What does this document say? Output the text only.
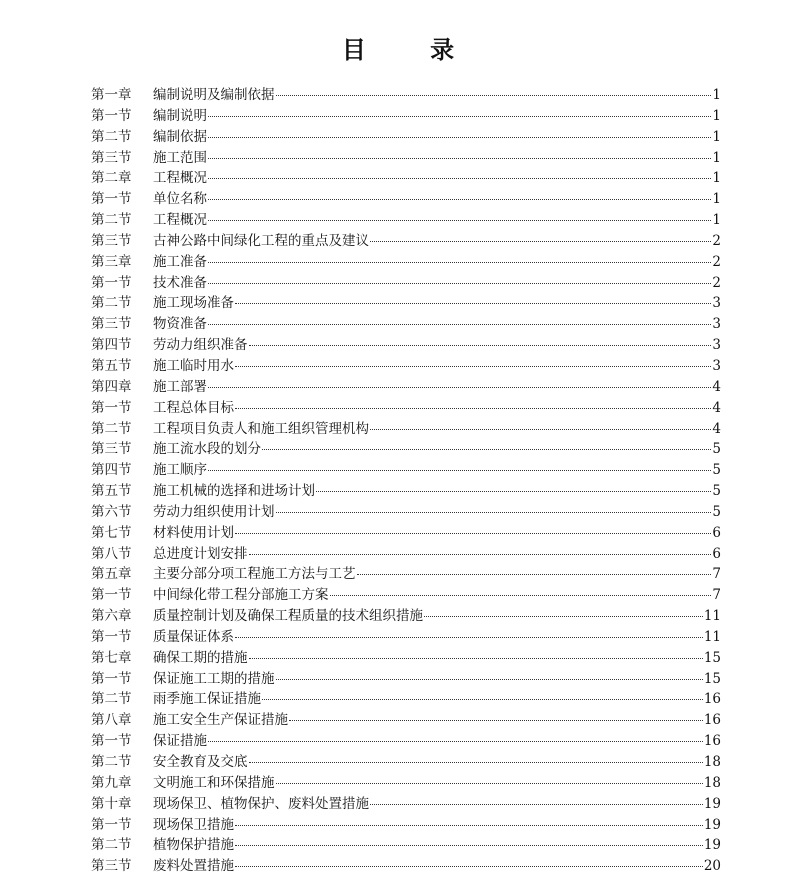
目 录
第一章	编制说明及编制依据	1
第一节	编制说明	1
第二节	编制依据	1
第三节	施工范围	1
第二章	工程概况	1
第一节	单位名称	1
第二节	工程概况	1
第三节	古神公路中间绿化工程的重点及建议	2
第三章	施工准备	2
第一节	技术准备	2
第二节	施工现场准备	3
第三节	物资准备	3
第四节	劳动力组织准备	3
第五节	施工临时用水	3
第四章	施工部署	4
第一节	工程总体目标	4
第二节	工程项目负责人和施工组织管理机构	4
第三节	施工流水段的划分	5
第四节	施工顺序	5
第五节	施工机械的选择和进场计划	5
第六节	劳动力组织使用计划	5
第七节	材料使用计划	6
第八节	总进度计划安排	6
第五章	主要分部分项工程施工方法与工艺	7
第一节	中间绿化带工程分部施工方案	7
第六章	质量控制计划及确保工程质量的技术组织措施	11
第一节	质量保证体系	11
第七章	确保工期的措施	15
第一节	保证施工工期的措施	15
第二节	雨季施工保证措施	16
第八章	施工安全生产保证措施	16
第一节	保证措施	16
第二节	安全教育及交底	18
第九章	文明施工和环保措施	18
第十章	现场保卫、植物保护、废料处置措施	19
第一节	现场保卫措施	19
第二节	植物保护措施	19
第三节	废料处置措施	20
